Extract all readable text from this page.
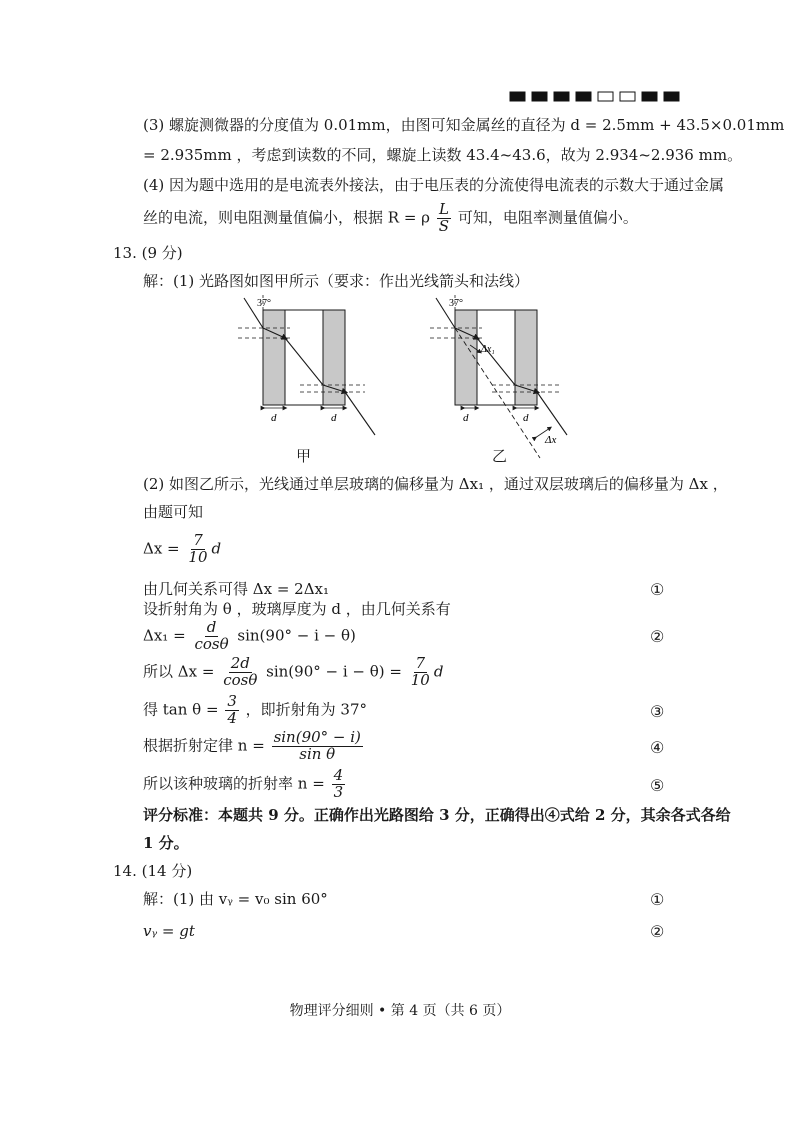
(3) 螺旋测微器的分度值为 0.01mm，由图可知金属丝的直径为 d = 2.5mm + 43.5×0.01mm
= 2.935mm ，考虑到读数的不同，螺旋上读数 43.4~43.6，故为 2.934~2.936 mm。
(4) 因为题中选用的是电流表外接法，由于电压表的分流使得电流表的示数大于通过金属
丝的电流，则电阻测量值偏小，根据 R = ρ $\frac{L}{S}$ 可知，电阻率测量值偏小。
13. (9 分)
解：(1) 光路图如图甲所示（要求：作出光线箭头和法线）
37°
d	d
37°
Δx₁
d	d
Δx
甲	乙
(2) 如图乙所示，光线通过单层玻璃的偏移量为 Δx₁ ，通过双层玻璃后的偏移量为 Δx ，
由题可知
$\Delta x = \frac{7}{10}$ d
由几何关系可得 Δx = 2Δx₁	①
设折射角为 θ ，玻璃厚度为 d ，由几何关系有
$\Delta x_1 = \frac{d}{\cos\theta} \sin(90^\circ - i - \theta)$	②
所以 $\Delta x = \frac{2d}{\cos\theta} \sin(90^\circ - i - \theta) = \frac{7}{10}$ d
得 $\tan \theta = \frac{3}{4}$ ，即折射角为 37°	③
根据折射定律 $n = \frac{\sin(90^\circ - i)}{\text{sin θ}}$	④
所以该种玻璃的折射率 $n = \frac{4}{3}$	⑤
评分标准：本题共 9 分。正确作出光路图给 3 分，正确得出④式给 2 分，其余各式各给
1 分。
14. (14 分)
解：(1) 由 vᵧ = v₀ sin 60°	①
vᵧ = gt	②
物理评分细则 • 第 4 页（共 6 页）
